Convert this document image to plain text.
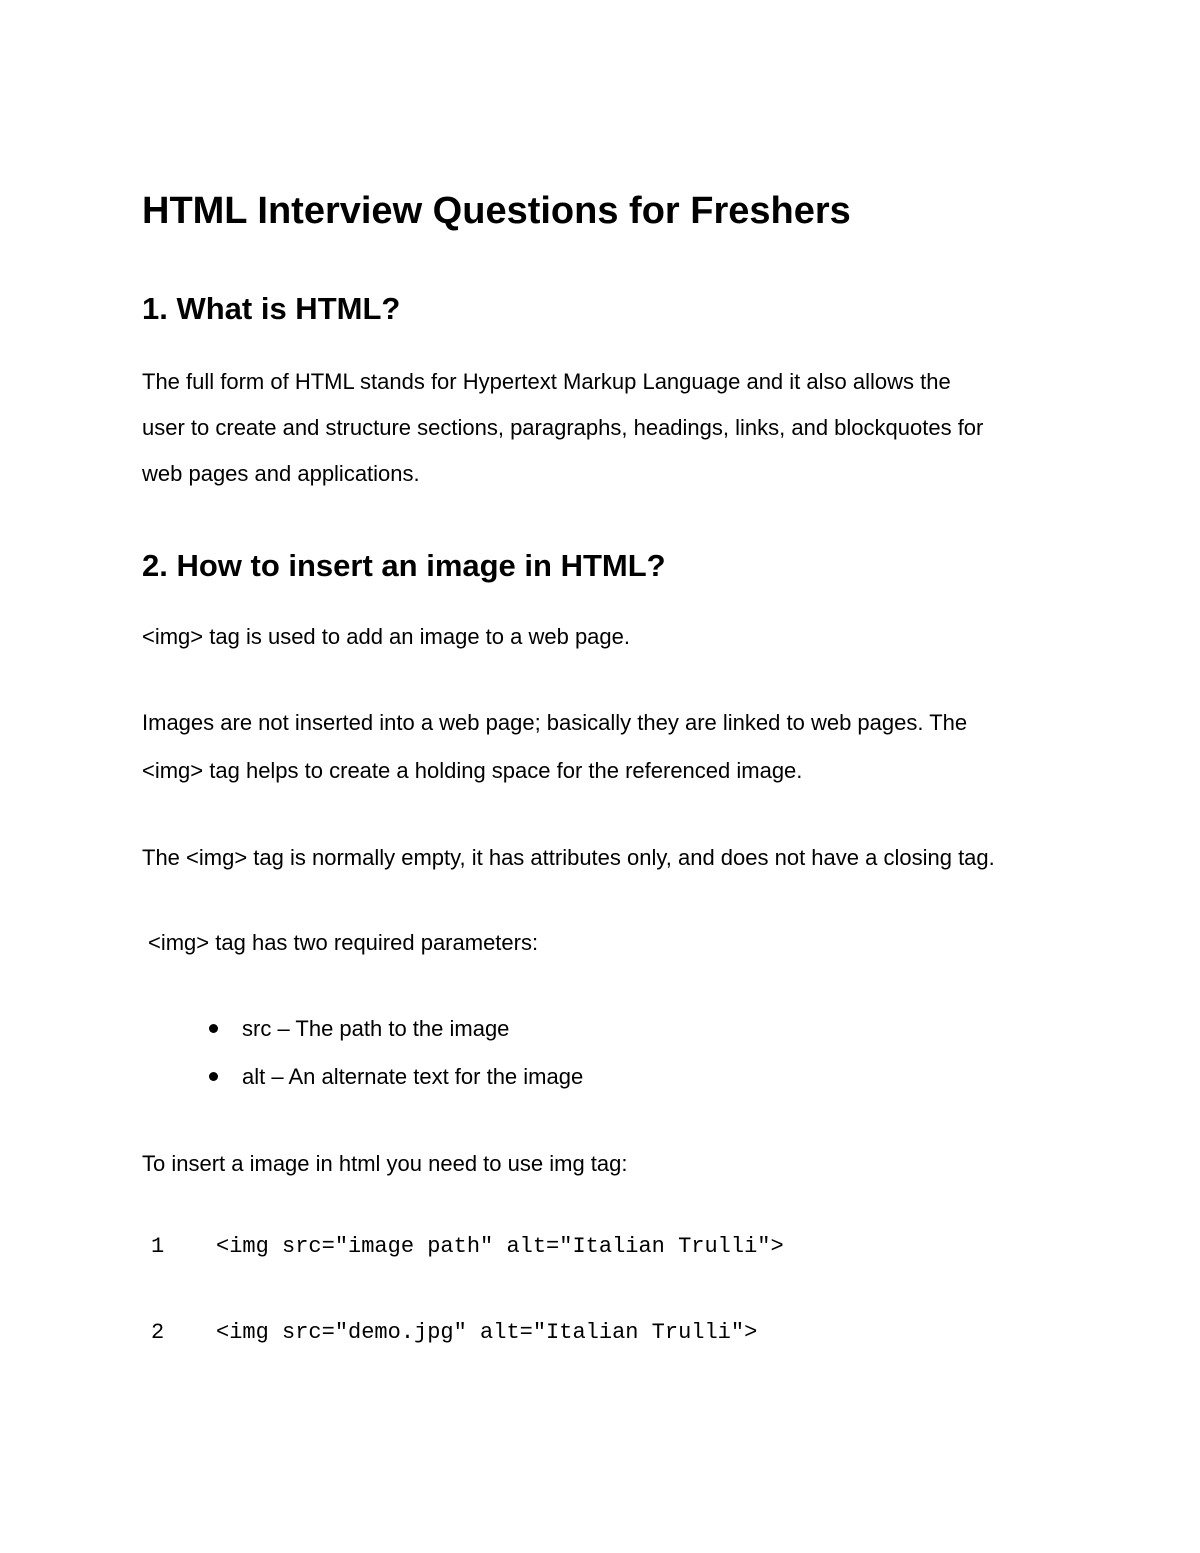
HTML Interview Questions for Freshers
1. What is HTML?

The full form of HTML stands for Hypertext Markup Language and it also allows the

user to create and structure sections, paragraphs, headings, links, and blockquotes for

web pages and applications.

2. How to insert an image in HTML?

<img> tag is used to add an image to a web page.

Images are not inserted into a web page; basically they are linked to web pages. The

<img> tag helps to create a holding space for the referenced image.

The <img> tag is normally empty, it has attributes only, and does not have a closing tag.

<img> tag has two required parameters:

src – The path to the image

alt – An alternate text for the image

To insert a image in html you need to use img tag:

1 <img src="image path" alt="Italian Trulli">
2 <img src="demo.jpg" alt="Italian Trulli">
